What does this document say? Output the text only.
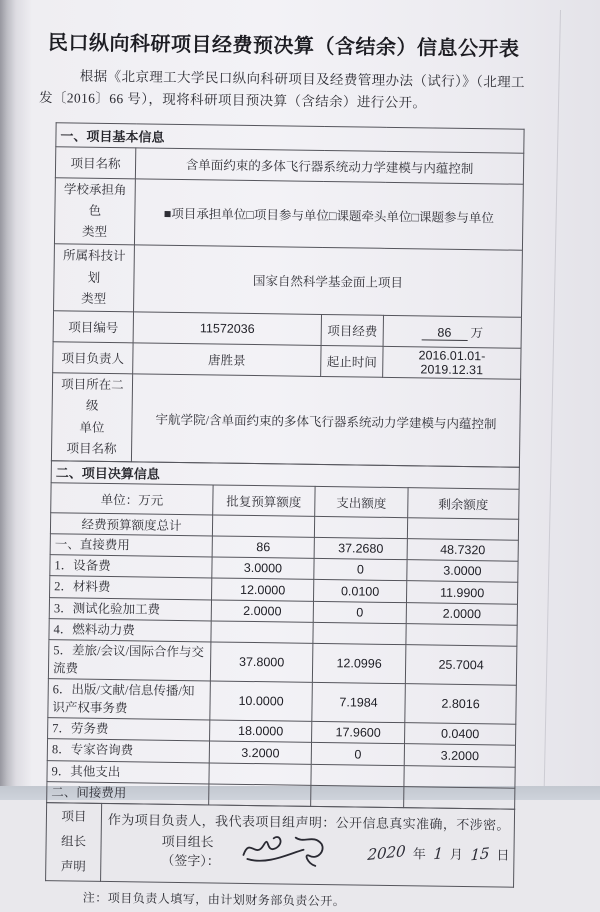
民口纵向科研项目经费预决算（含结余）信息公开表

根据《北京理工大学民口纵向科研项目及经费管理办法（试行）》（北理工发〔2016〕66 号），现将科研项目预决算（含结余）进行公开。

一、项目基本信息			
项目名称	含单面约束的多体飞行器系统动力学建模与内蕴控制		
学校承担角色
类型	■项目承担单位□项目参与单位□课题牵头单位□课题参与单位		
所属科技计划
类型	国家自然科学基金面上项目		
项目编号	11572036	项目经费	86 万
项目负责人	唐胜景	起止时间	2016.01.01-2019.12.31
项目所在二级
单位
项目名称	宇航学院/含单面约束的多体飞行器系统动力学建模与内蕴控制		
二、项目决算信息			
单位：万元	批复预算额度	支出额度	剩余额度
经费预算额度总计			
一、直接费用	86	37.2680	48.7320
1．设备费	3.0000	0	3.0000
2．材料费	12.0000	0.0100	11.9900
3．测试化验加工费	2.0000	0	2.0000
4．燃料动力费			
5．差旅/会议/国际合作与交流费	37.8000	12.0996	25.7004
6．出版/文献/信息传播/知识产权事务费	10.0000	7.1984	2.8016
7．劳务费	18.0000	17.9600	0.0400
8．专家咨询费	3.2000	0	3.2000
9．其他支出			
二、间接费用			
项目
组长
声明	
作为项目负责人，我代表项目组声明：公开信息真实准确，不涉密。
项目组长（签字）：	2020 年 1 月 15 日

注：项目负责人填写，由计划财务部负责公开。
